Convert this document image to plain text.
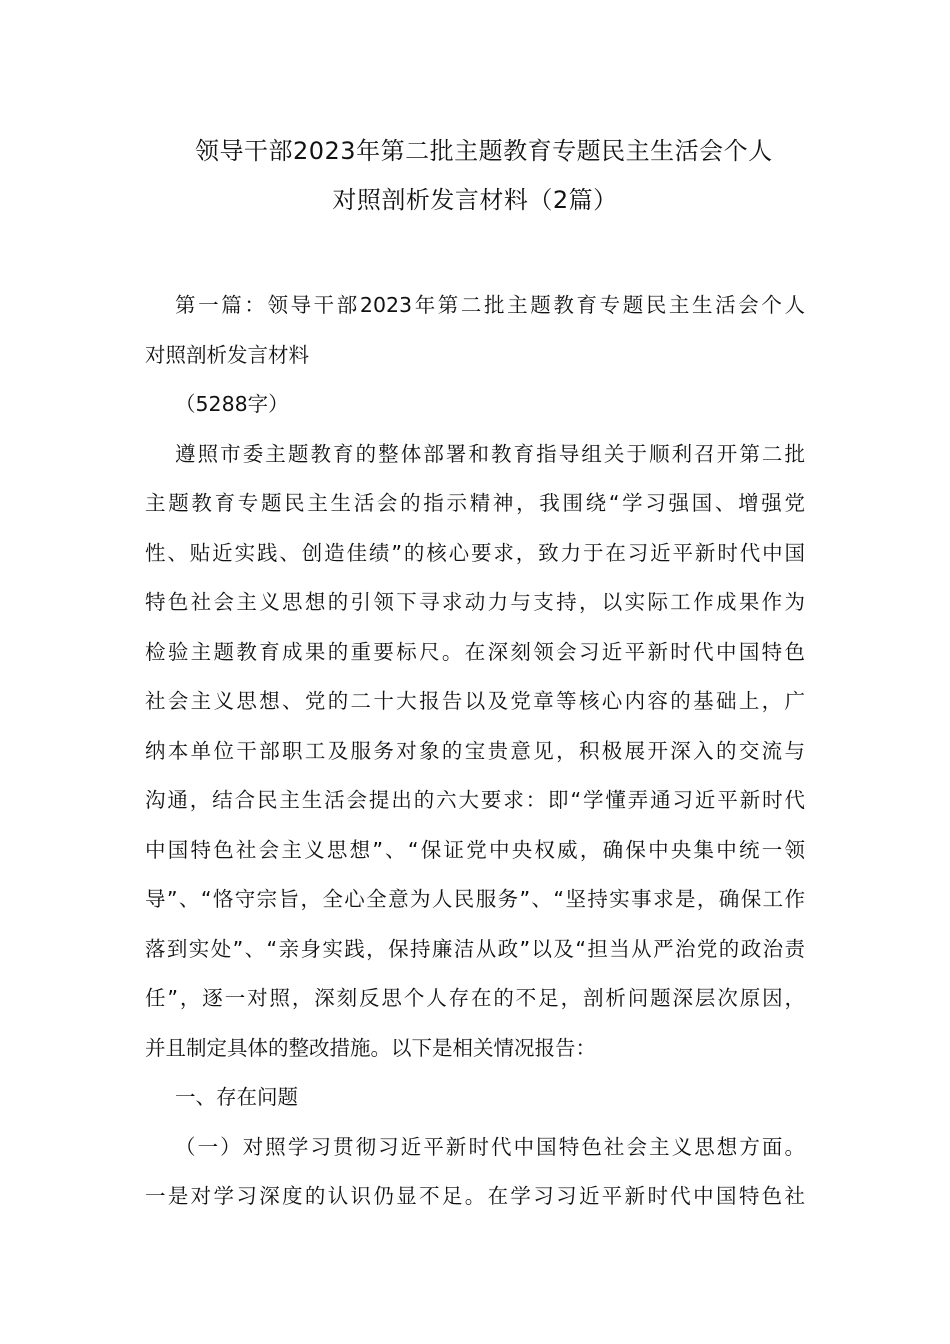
领导干部2023年第二批主题教育专题民主生活会个人
对照剖析发言材料（2篇）
第一篇：领导干部2023年第二批主题教育专题民主生活会个人
对照剖析发言材料
（5288字）
遵照市委主题教育的整体部署和教育指导组关于顺利召开第二批
主题教育专题民主生活会的指示精神，我围绕“学习强国、增强党
性、贴近实践、创造佳绩”的核心要求，致力于在习近平新时代中国
特色社会主义思想的引领下寻求动力与支持，以实际工作成果作为
检验主题教育成果的重要标尺。在深刻领会习近平新时代中国特色
社会主义思想、党的二十大报告以及党章等核心内容的基础上，广
纳本单位干部职工及服务对象的宝贵意见，积极展开深入的交流与
沟通，结合民主生活会提出的六大要求：即“学懂弄通习近平新时代
中国特色社会主义思想”、“保证党中央权威，确保中央集中统一领
导”、“恪守宗旨，全心全意为人民服务”、“坚持实事求是，确保工作
落到实处”、“亲身实践，保持廉洁从政”以及“担当从严治党的政治责
任”，逐一对照，深刻反思个人存在的不足，剖析问题深层次原因，
并且制定具体的整改措施。以下是相关情况报告：
一、存在问题
（一）对照学习贯彻习近平新时代中国特色社会主义思想方面。
一是对学习深度的认识仍显不足。在学习习近平新时代中国特色社
